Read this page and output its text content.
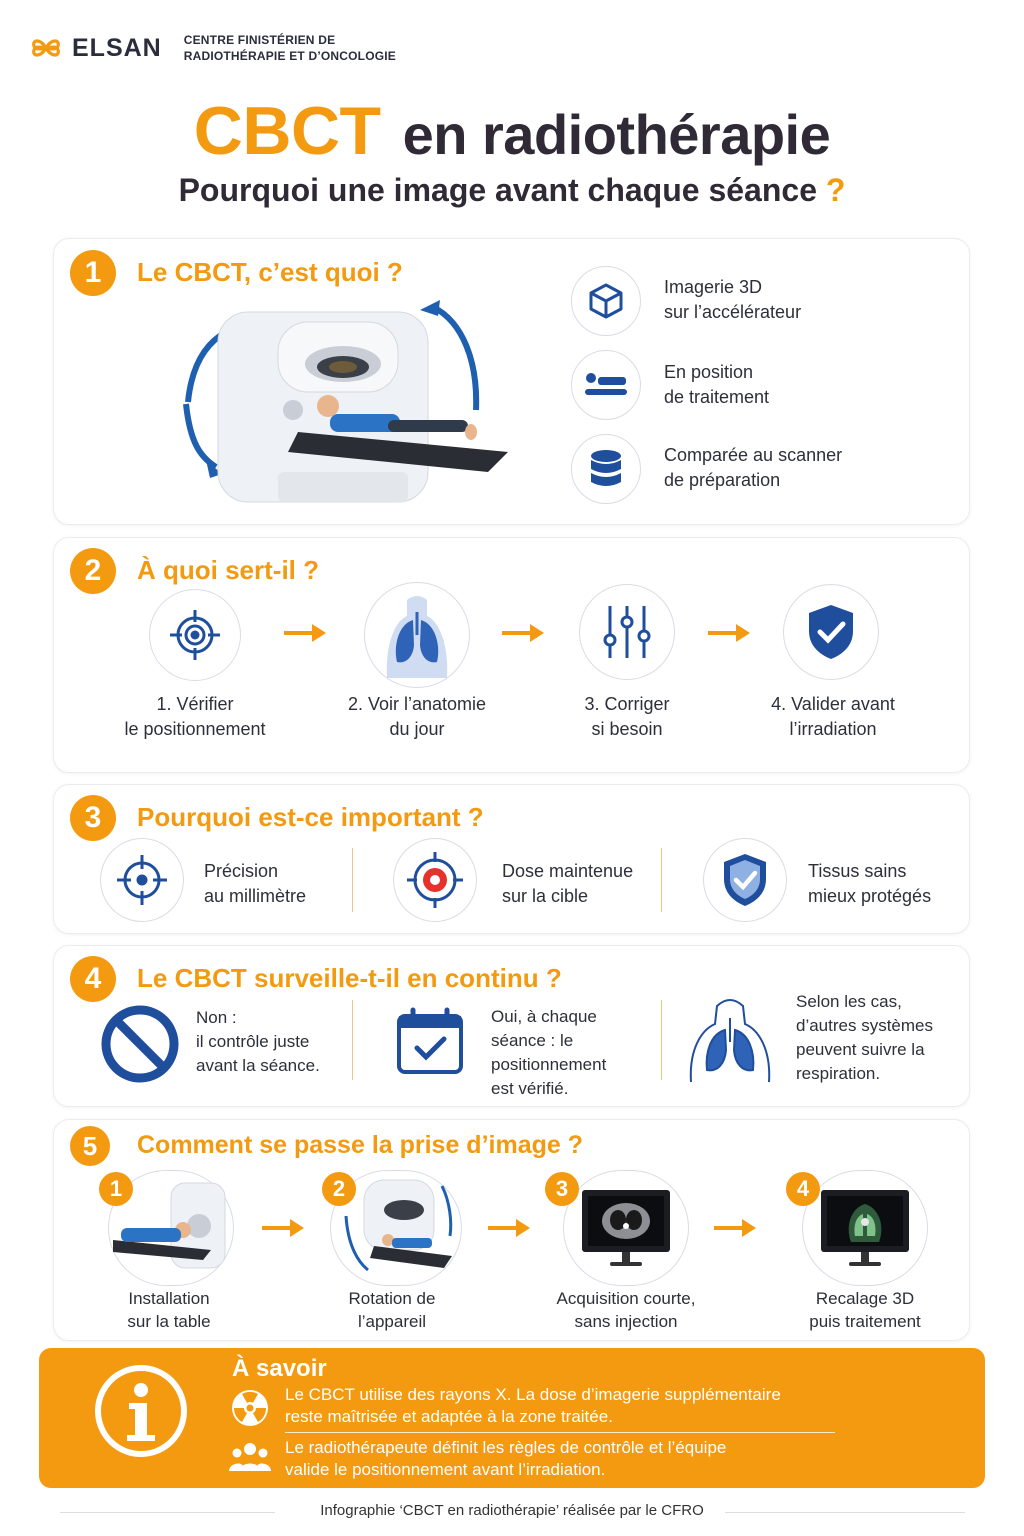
ELSAN CENTRE FINISTÉRIEN DE
RADIOTHÉRAPIE ET D’ONCOLOGIE
CBCT en radiothérapie
Pourquoi une image avant chaque séance ?
1	Le CBCT, c’est quoi ?	Imagerie 3D
sur l’accélérateur
En position
de traitement
Comparée au scanner
de préparation
2	À quoi sert-il ?
1. Vérifier
le positionnement
2. Voir l’anatomie
du jour
3. Corriger
si besoin
4. Valider avant
l’irradiation
3	Pourquoi est-ce important ?
Précision
au millimètre
Dose maintenue
sur la cible
Tissus sains
mieux protégés
4	Le CBCT surveille-t-il en continu ?
Non :
il contrôle juste
avant la séance.
Oui, à chaque
séance : le
positionnement
est vérifié.
Selon les cas,
d’autres systèmes
peuvent suivre la
respiration.
5	Comment se passe la prise d’image ?
1
Installation
sur la table
2
Rotation de
l’appareil
3
Acquisition courte,
sans injection
4
Recalage 3D
puis traitement
À savoir
Le CBCT utilise des rayons X. La dose d’imagerie supplémentaire
reste maîtrisée et adaptée à la zone traitée.
Le radiothérapeute définit les règles de contrôle et l’équipe
valide le positionnement avant l’irradiation.
Infographie ‘CBCT en radiothérapie’ réalisée par le CFRO
